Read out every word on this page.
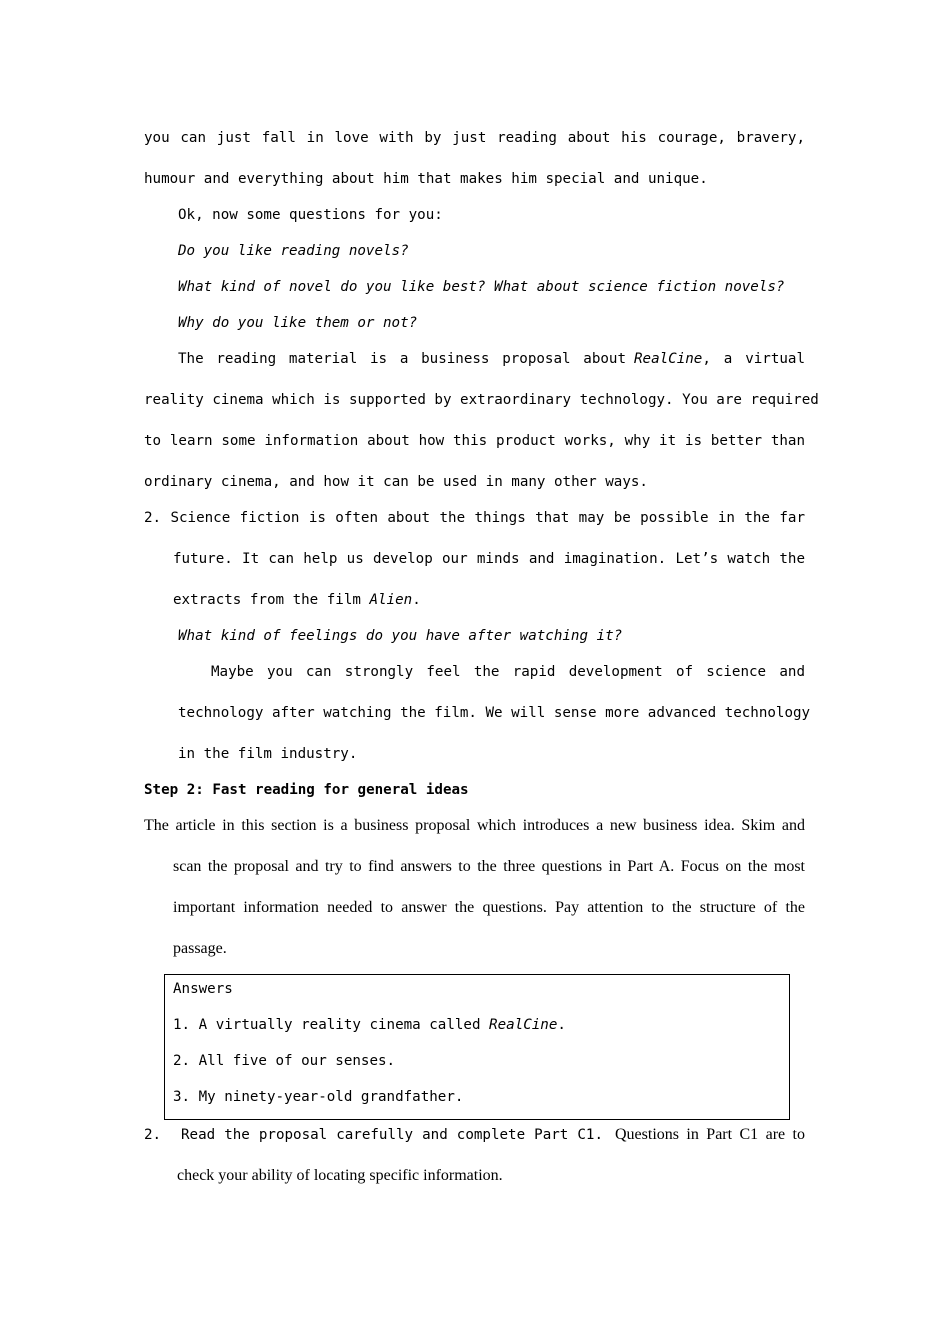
you can just fall in love with by just reading about his courage, bravery,

humour and everything about him that makes him special and unique.

Ok, now some questions for you:

Do you like reading novels?

What kind of novel do you like best? What about science fiction novels?

Why do you like them or not?

The reading material is a business proposal about RealCine, a virtual

reality cinema which is supported by extraordinary technology. You are required

to learn some information about how this product works, why it is better than

ordinary cinema, and how it can be used in many other ways.

2. Science fiction is often about the things that may be possible in the far

future. It can help us develop our minds and imagination. Let’s watch the

extracts from the film Alien.

What kind of feelings do you have after watching it?

Maybe you can strongly feel the rapid development of science and

technology after watching the film. We will sense more advanced technology

in the film industry.

Step 2: Fast reading for general ideas

The article in this section is a business proposal which introduces a new business idea. Skim and

scan the proposal and try to find answers to the three questions in Part A. Focus on the most

important information needed to answer the questions. Pay attention to the structure of the

passage.

Answers

1. A virtually reality cinema called RealCine.

2. All five of our senses.

3. My ninety-year-old grandfather.

2.	Read the proposal carefully and complete Part C1. Questions in Part C1 are to

check your ability of locating specific information.
